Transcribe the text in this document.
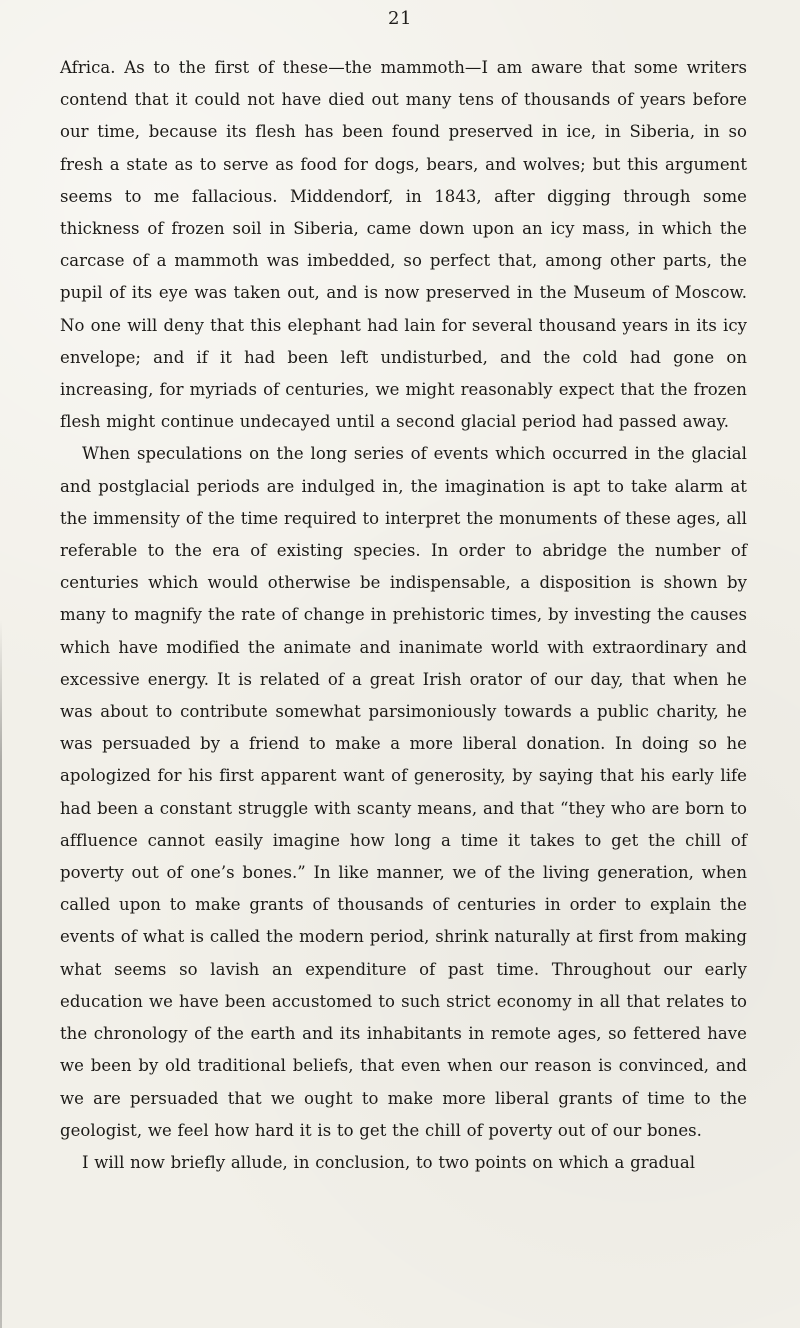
21

Africa. As to the first of these—the mammoth—I am aware that some writers contend that it could not have died out many tens of thousands of years before our time, because its flesh has been found preserved in ice, in Siberia, in so fresh a state as to serve as food for dogs, bears, and wolves; but this argument seems to me fallacious. Middendorf, in 1843, after digging through some thickness of frozen soil in Siberia, came down upon an icy mass, in which the carcase of a mammoth was imbedded, so perfect that, among other parts, the pupil of its eye was taken out, and is now preserved in the Museum of Moscow. No one will deny that this elephant had lain for several thousand years in its icy envelope; and if it had been left undisturbed, and the cold had gone on increasing, for myriads of centuries, we might reasonably expect that the frozen flesh might continue undecayed until a second glacial period had passed away.

When speculations on the long series of events which occurred in the glacial and postglacial periods are indulged in, the imagination is apt to take alarm at the immensity of the time required to interpret the monuments of these ages, all referable to the era of existing species. In order to abridge the number of centuries which would otherwise be indispensable, a disposition is shown by many to magnify the rate of change in prehistoric times, by investing the causes which have modified the animate and inanimate world with extraordinary and excessive energy. It is related of a great Irish orator of our day, that when he was about to contribute somewhat parsimoniously towards a public charity, he was persuaded by a friend to make a more liberal donation. In doing so he apologized for his first apparent want of generosity, by saying that his early life had been a constant struggle with scanty means, and that “they who are born to affluence cannot easily imagine how long a time it takes to get the chill of poverty out of one’s bones.” In like manner, we of the living generation, when called upon to make grants of thousands of centuries in order to explain the events of what is called the modern period, shrink naturally at first from making what seems so lavish an expenditure of past time. Throughout our early education we have been accustomed to such strict economy in all that relates to the chronology of the earth and its inhabitants in remote ages, so fettered have we been by old traditional beliefs, that even when our reason is convinced, and we are persuaded that we ought to make more liberal grants of time to the geologist, we feel how hard it is to get the chill of poverty out of our bones.

I will now briefly allude, in conclusion, to two points on which a gradual
